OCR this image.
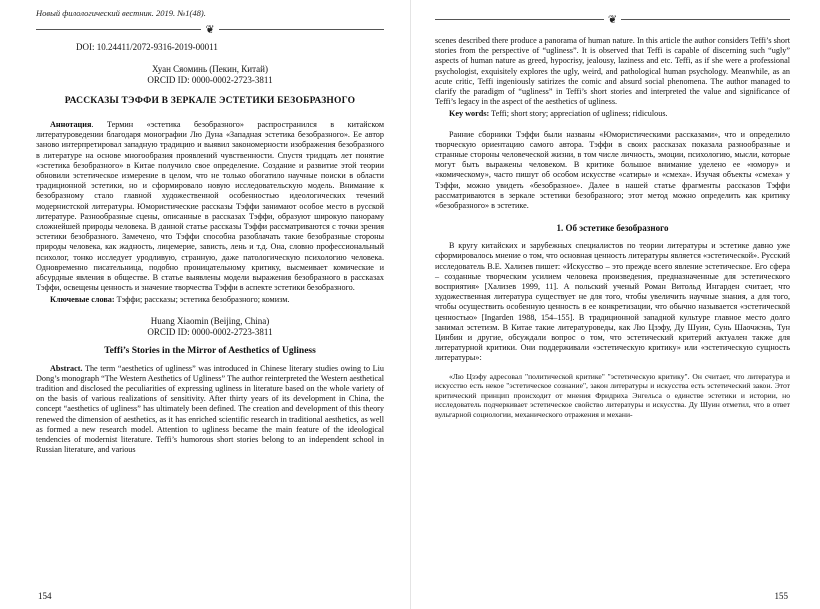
Новый филологический вестник. 2019. №1(48).
❦

DOI: 10.24411/2072-9316-2019-00011

Хуан Сяоминь (Пекин, Китай)
ORCID ID: 0000-0002-2723-3811

РАССКАЗЫ ТЭФФИ В ЗЕРКАЛЕ ЭСТЕТИКИ БЕЗОБРАЗНОГО

Аннотация. Термин «эстетика безобразного» распространился в китайском литературоведении благодаря монографии Лю Дуна «Западная эстетика безобразного». Ее автор заново интерпретировал западную традицию и выявил закономерности изображения безобразного в литературе на основе многообразия проявлений чувственности. Спустя тридцать лет понятие «эстетика безобразного» в Китае получило свое определение. Создание и развитие этой теории обновили эстетическое измерение в целом, что не только обогатило научные поиски в области традиционной эстетики, но и сформировало новую исследовательскую модель. Внимание к безобразному стало главной художественной особенностью идеологических течений модернистской литературы. Юмористические рассказы Тэффи занимают особое место в русской литературе. Разнообразные сцены, описанные в рассказах Тэффи, образуют широкую панораму сложнейшей природы человека. В данной статье рассказы Тэффи рассматриваются с точки зрения эстетики безобразного. Замечено, что Тэффи способна разоблачать такие безобразные стороны природы человека, как жадность, лицемерие, зависть, лень и т.д. Она, словно профессиональный психолог, тонко исследует уродливую, странную, даже патологическую психологию человека. Одновременно писательница, подобно проницательному критику, высмеивает комические и абсурдные явления в обществе. В статье выявлены модели выражения безобразного в рассказах Тэффи, освещены ценность и значение творчества Тэффи в аспекте эстетики безобразного.

Ключевые слова: Тэффи; рассказы; эстетика безобразного; комизм.

Huang Xiaomin (Beijing, China)
ORCID ID: 0000-0002-2723-3811

Teffi’s Stories in the Mirror of Aesthetics of Ugliness

Abstract. The term “aesthetics of ugliness” was introduced in Chinese literary studies owing to Liu Dong’s monograph “The Western Aesthetics of Ugliness” The author reinterpreted the Western aesthetical tradition and disclosed the peculiarities of expressing ugliness in literature based on the whole variety of on the basis of various realizations of sensitivity. After thirty years of its development in China, the concept “aesthetics of ugliness” has ultimately been defined. The creation and development of this theory renewed the dimension of aesthetics, as it has enriched scientific research in traditional aesthetics, as well as formed a new research model. Attention to ugliness became the main feature of the ideological tendencies of modernist literature. Teffi’s humorous short stories belong to an independent school in Russian literature, and various

154
❦

scenes described there produce a panorama of human nature. In this article the author considers Teffi’s short stories from the perspective of “ugliness”. It is observed that Teffi is capable of discerning such “ugly” aspects of human nature as greed, hypocrisy, jealousy, laziness and etc. Teffi, as if she were a professional psychologist, exquisitely explores the ugly, weird, and pathological human psychology. Meanwhile, as an acute critic, Teffi ingeniously satirizes the comic and absurd social phenomena. The author managed to clarify the paradigm of “ugliness” in Teffi’s short stories and interpreted the value and significance of Teffi’s legacy in the aspect of the aesthetics of ugliness.

Key words: Teffi; short story; appreciation of ugliness; ridiculous.

Ранние сборники Тэффи были названы «Юмористическими рассказами», что и определило творческую ориентацию самого автора. Тэффи в своих рассказах показала разнообразные и странные стороны человеческой жизни, в том числе личность, эмоции, психологию, мысли, которые могут быть выражены человеком. В критике большое внимание уделено ее «юмору» и «комическому», часто пишут об особом искусстве «сатиры» и «смеха». Изучая объекты «смеха» у Тэффи, можно увидеть «безобразное». Далее в нашей статье фрагменты рассказов Тэффи рассматриваются в зеркале эстетики безобразного; этот метод можно определить как критику «безобразного» в эстетике.

1. Об эстетике безобразного

В кругу китайских и зарубежных специалистов по теории литературы и эстетике давно уже сформировалось мнение о том, что основная ценность литературы является «эстетической». Русский исследователь В.Е. Хализев пишет: «Искусство – это прежде всего явление эстетическое. Его сфера – созданные творческим усилием человека произведения, предназначенные для эстетического восприятия» [Хализев 1999, 11]. А польский ученый Роман Витольд Ингарден считает, что художественная литература существует не для того, чтобы увеличить научные знания, а для того, чтобы осуществить особенную ценность в ее конкретизации, что обычно называется «эстетической ценностью» [Ingarden 1988, 154–155]. В традиционной западной культуре главное место долго занимал эстетизм. В Китае такие литературоведы, как Лю Цзэфу, Ду Шуин, Сунь Шаочжэнь, Тун Цинбин и другие, обсуждали вопрос о том, что эстетический критерий актуален также для литературной критики. Они поддерживали «эстетическую критику» или «эстетическую сущность литературы»:

«Лю Цзэфу адресовал "политической критике" "эстетическую критику". Он считает, что литература и искусство есть некое "эстетическое сознание", закон литературы и искусства есть эстетический закон. Этот критический принцип происходит от мнения Фридриха Энгельса о единстве эстетики и истории, но исследователь подчеркивает эстетическое свойство литературы и искусства. Ду Шуин отметил, что в ответ вульгарной социологии, механического отражения и механи-

155
